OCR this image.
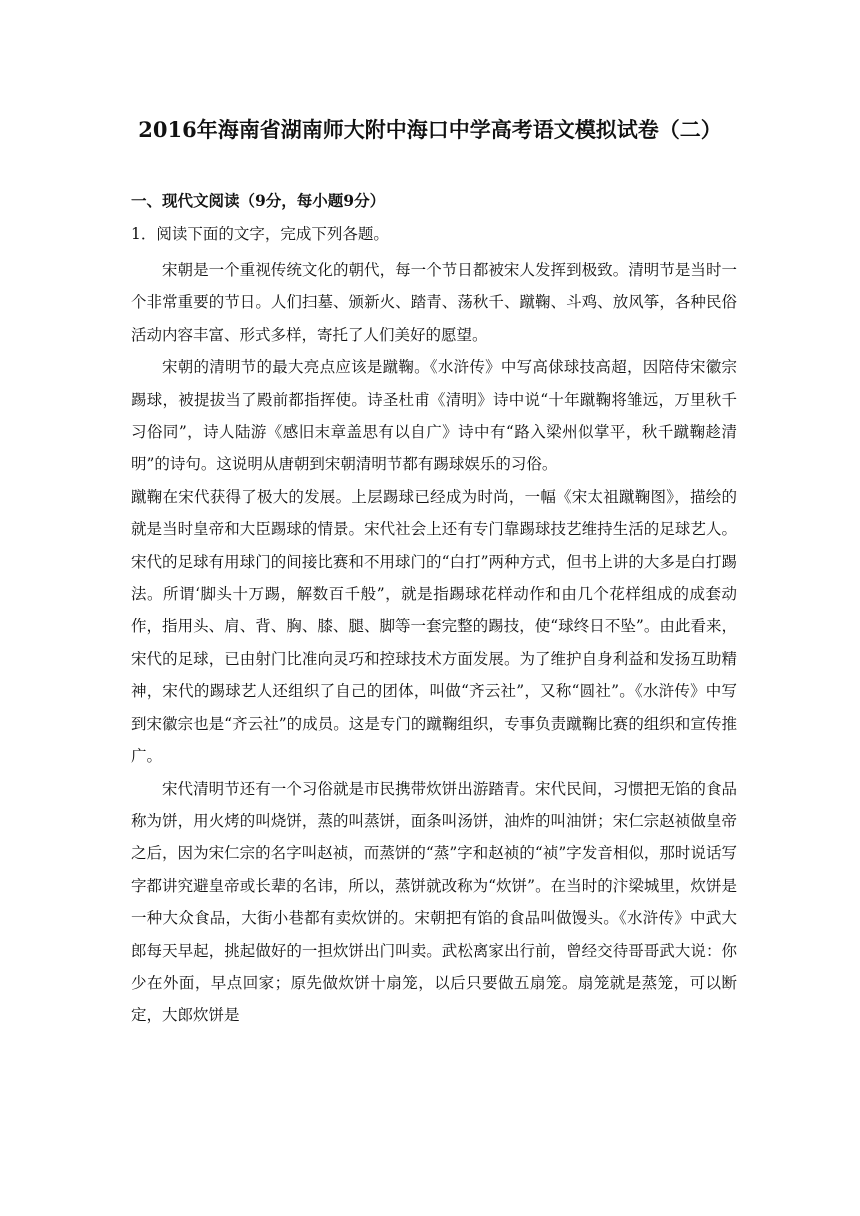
2016年海南省湖南师大附中海口中学高考语文模拟试卷（二）
一、现代文阅读（9分，每小题9分）
1．阅读下面的文字，完成下列各题。

宋朝是一个重视传统文化的朝代，每一个节日都被宋人发挥到极致。清明节是当时一个非常重要的节日。人们扫墓、颁新火、踏青、荡秋千、蹴鞠、斗鸡、放风筝，各种民俗活动内容丰富、形式多样，寄托了人们美好的愿望。

宋朝的清明节的最大亮点应该是蹴鞠。《水浒传》中写高俅球技高超，因陪侍宋徽宗踢球，被提拔当了殿前都指挥使。诗圣杜甫《清明》诗中说“十年蹴鞠将雏远，万里秋千习俗同”，诗人陆游《感旧末章盖思有以自广》诗中有“路入梁州似掌平，秋千蹴鞠趁清明”的诗句。这说明从唐朝到宋朝清明节都有踢球娱乐的习俗。

蹴鞠在宋代获得了极大的发展。上层踢球已经成为时尚，一幅《宋太祖蹴鞠图》，描绘的就是当时皇帝和大臣踢球的情景。宋代社会上还有专门靠踢球技艺维持生活的足球艺人。宋代的足球有用球门的间接比赛和不用球门的“白打”两种方式，但书上讲的大多是白打踢法。所谓‘脚头十万踢，解数百千般”，就是指踢球花样动作和由几个花样组成的成套动作，指用头、肩、背、胸、膝、腿、脚等一套完整的踢技，使“球终日不坠”。由此看来，宋代的足球，已由射门比准向灵巧和控球技术方面发展。为了维护自身利益和发扬互助精神，宋代的踢球艺人还组织了自己的团体，叫做“齐云社”，又称“圆社”。《水浒传》中写到宋徽宗也是“齐云社”的成员。这是专门的蹴鞠组织，专事负责蹴鞠比赛的组织和宣传推广。

宋代清明节还有一个习俗就是市民携带炊饼出游踏青。宋代民间，习惯把无馅的食品称为饼，用火烤的叫烧饼，蒸的叫蒸饼，面条叫汤饼，油炸的叫油饼；宋仁宗赵祯做皇帝之后，因为宋仁宗的名字叫赵祯，而蒸饼的“蒸”字和赵祯的“祯”字发音相似，那时说话写字都讲究避皇帝或长辈的名讳，所以，蒸饼就改称为“炊饼”。在当时的汴梁城里，炊饼是一种大众食品，大街小巷都有卖炊饼的。宋朝把有馅的食品叫做馒头。《水浒传》中武大郎每天早起，挑起做好的一担炊饼出门叫卖。武松离家出行前，曾经交待哥哥武大说：你少在外面，早点回家；原先做炊饼十扇笼，以后只要做五扇笼。扇笼就是蒸笼，可以断定，大郎炊饼是
